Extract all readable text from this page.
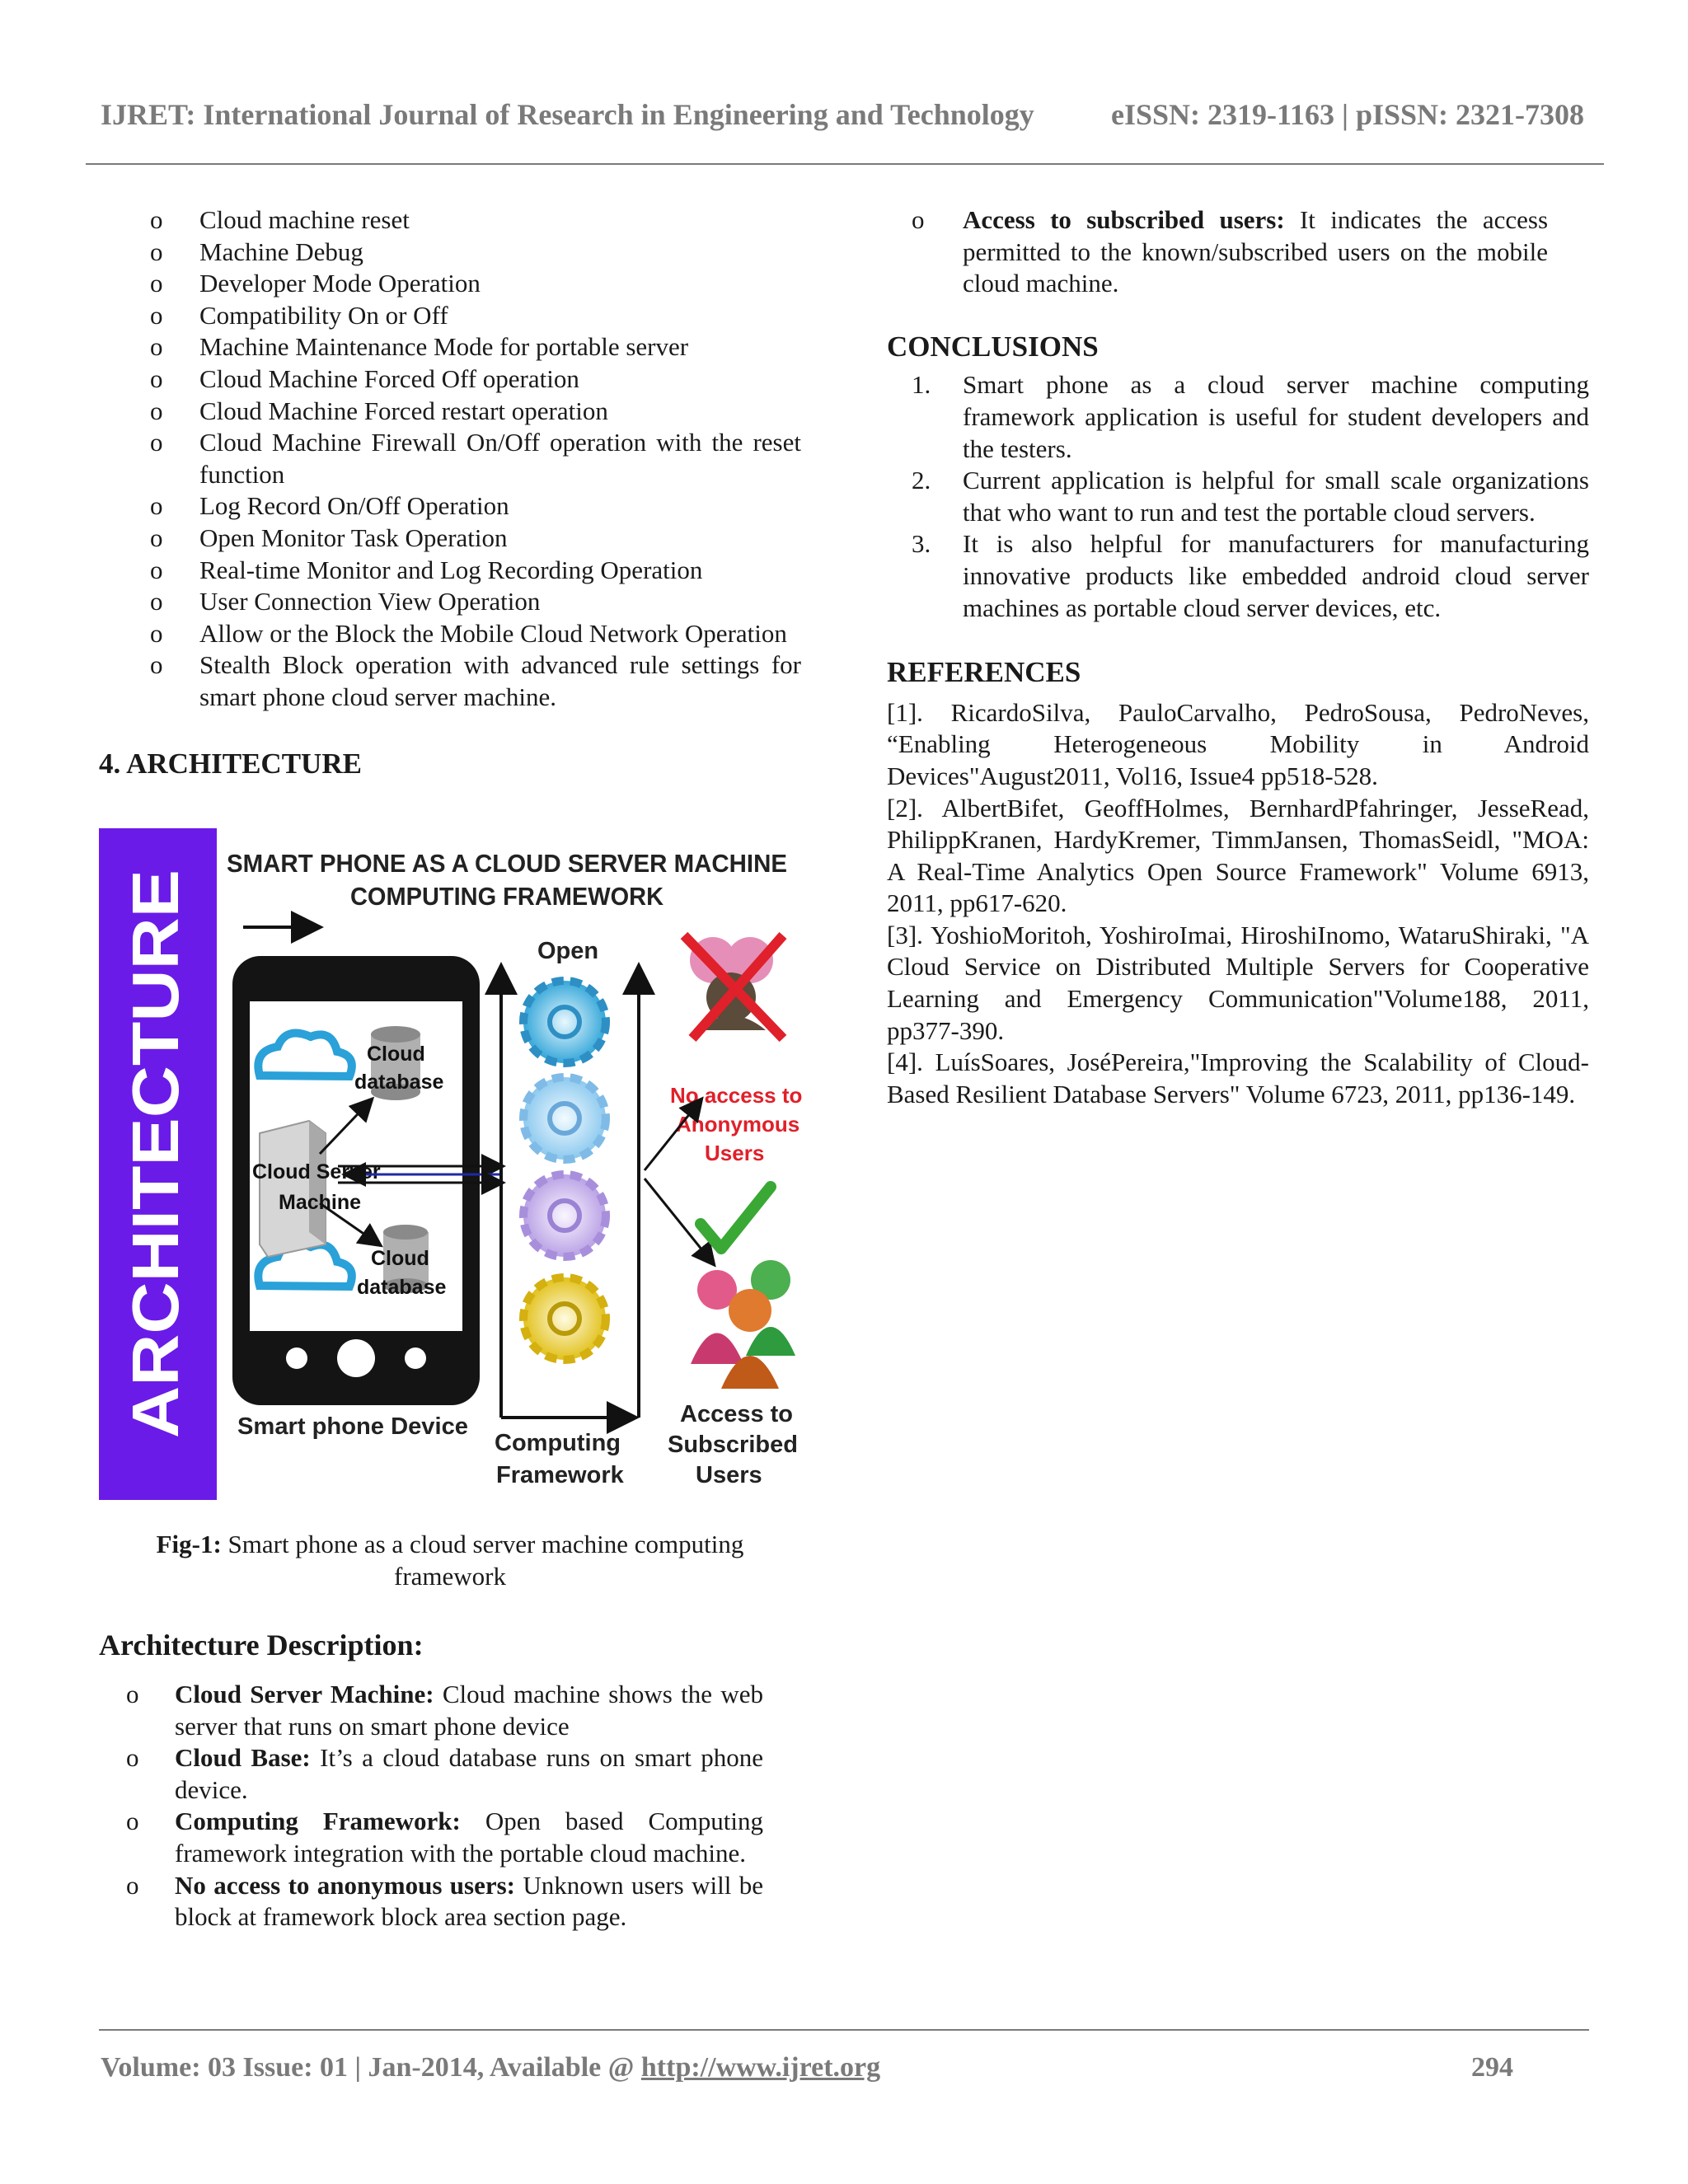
IJRET: International Journal of Research in Engineering and Technology	eISSN: 2319-1163 | pISSN: 2321-7308
o Cloud machine reset
o Machine Debug
o Developer Mode Operation
o Compatibility On or Off
o Machine Maintenance Mode for portable server
o Cloud Machine Forced Off operation
o Cloud Machine Forced restart operation
o Cloud Machine Firewall On/Off operation with the reset function
o Log Record On/Off Operation
o Open Monitor Task Operation
o Real-time Monitor and Log Recording Operation
o User Connection View Operation
o Allow or the Block the Mobile Cloud Network Operation
o Stealth Block operation with advanced rule settings for smart phone cloud server machine.
4. ARCHITECTURE
ARCHITECTURE
SMART PHONE AS A CLOUD SERVER MACHINE
COMPUTING FRAMEWORK
Smart phone Device
Cloud
database
Cloud Server
Machine
Cloud
database
Open
Computing
Framework
No access to
Anonymous
Users
Access to
Subscribed
Users
Fig-1: Smart phone as a cloud server machine computing framework
Architecture Description:
o Cloud Server Machine: Cloud machine shows the web server that runs on smart phone device
o Cloud Base: It’s a cloud database runs on smart phone device.
o Computing Framework: Open based Computing framework integration with the portable cloud machine.
o No access to anonymous users: Unknown users will be block at framework block area section page.
o Access to subscribed users: It indicates the access permitted to the known/subscribed users on the mobile cloud machine.
CONCLUSIONS
1. Smart phone as a cloud server machine computing framework application is useful for student developers and the testers.
2. Current application is helpful for small scale organizations that who want to run and test the portable cloud servers.
3. It is also helpful for manufacturers for manufacturing innovative products like embedded android cloud server machines as portable cloud server devices, etc.
REFERENCES

[1]. RicardoSilva, PauloCarvalho, PedroSousa, PedroNeves, “Enabling Heterogeneous Mobility in Android Devices"August2011, Vol16, Issue4 pp518-528.

[2]. AlbertBifet, GeoffHolmes, BernhardPfahringer, JesseRead, PhilippKranen, HardyKremer, TimmJansen, ThomasSeidl, "MOA: A Real-Time Analytics Open Source Framework" Volume 6913, 2011, pp617-620.

[3]. YoshioMoritoh, YoshiroImai, HiroshiInomo, WataruShiraki, "A Cloud Service on Distributed Multiple Servers for Cooperative Learning and Emergency Communication"Volume188, 2011, pp377-390.

[4]. LuísSoares, JoséPereira,"Improving the Scalability of Cloud-Based Resilient Database Servers" Volume 6723, 2011, pp136-149.

Volume: 03 Issue: 01 | Jan-2014, Available @ http://www.ijret.org	294
